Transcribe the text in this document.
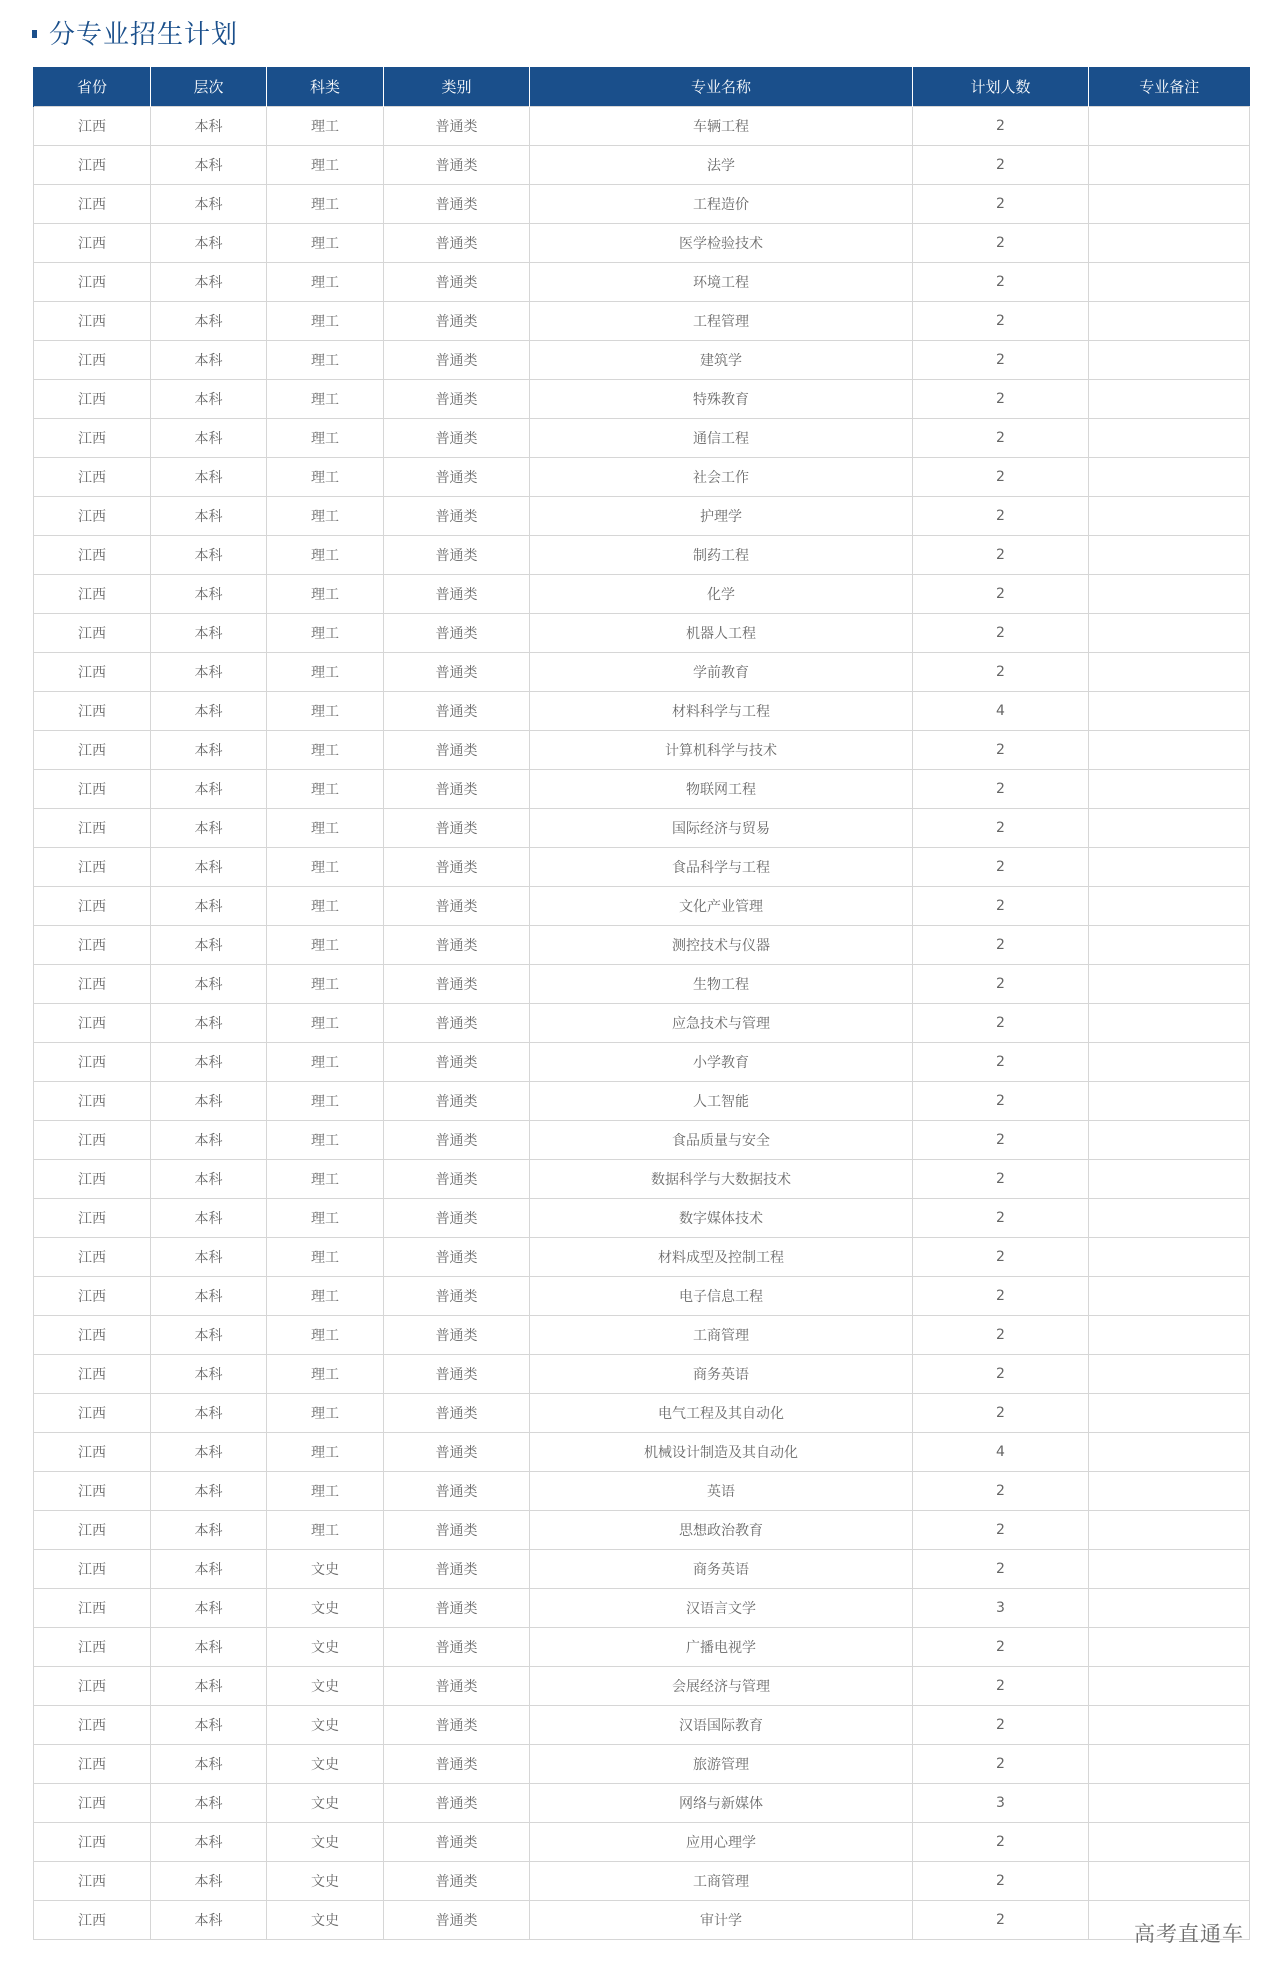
分专业招生计划
省份	层次	科类	类别	专业名称	计划人数	专业备注
江西	本科	理工	普通类	车辆工程	2	
江西	本科	理工	普通类	法学	2	
江西	本科	理工	普通类	工程造价	2	
江西	本科	理工	普通类	医学检验技术	2	
江西	本科	理工	普通类	环境工程	2	
江西	本科	理工	普通类	工程管理	2	
江西	本科	理工	普通类	建筑学	2	
江西	本科	理工	普通类	特殊教育	2	
江西	本科	理工	普通类	通信工程	2	
江西	本科	理工	普通类	社会工作	2	
江西	本科	理工	普通类	护理学	2	
江西	本科	理工	普通类	制药工程	2	
江西	本科	理工	普通类	化学	2	
江西	本科	理工	普通类	机器人工程	2	
江西	本科	理工	普通类	学前教育	2	
江西	本科	理工	普通类	材料科学与工程	4	
江西	本科	理工	普通类	计算机科学与技术	2	
江西	本科	理工	普通类	物联网工程	2	
江西	本科	理工	普通类	国际经济与贸易	2	
江西	本科	理工	普通类	食品科学与工程	2	
江西	本科	理工	普通类	文化产业管理	2	
江西	本科	理工	普通类	测控技术与仪器	2	
江西	本科	理工	普通类	生物工程	2	
江西	本科	理工	普通类	应急技术与管理	2	
江西	本科	理工	普通类	小学教育	2	
江西	本科	理工	普通类	人工智能	2	
江西	本科	理工	普通类	食品质量与安全	2	
江西	本科	理工	普通类	数据科学与大数据技术	2	
江西	本科	理工	普通类	数字媒体技术	2	
江西	本科	理工	普通类	材料成型及控制工程	2	
江西	本科	理工	普通类	电子信息工程	2	
江西	本科	理工	普通类	工商管理	2	
江西	本科	理工	普通类	商务英语	2	
江西	本科	理工	普通类	电气工程及其自动化	2	
江西	本科	理工	普通类	机械设计制造及其自动化	4	
江西	本科	理工	普通类	英语	2	
江西	本科	理工	普通类	思想政治教育	2	
江西	本科	文史	普通类	商务英语	2	
江西	本科	文史	普通类	汉语言文学	3	
江西	本科	文史	普通类	广播电视学	2	
江西	本科	文史	普通类	会展经济与管理	2	
江西	本科	文史	普通类	汉语国际教育	2	
江西	本科	文史	普通类	旅游管理	2	
江西	本科	文史	普通类	网络与新媒体	3	
江西	本科	文史	普通类	应用心理学	2	
江西	本科	文史	普通类	工商管理	2	
江西	本科	文史	普通类	审计学	2	
高考直通车
